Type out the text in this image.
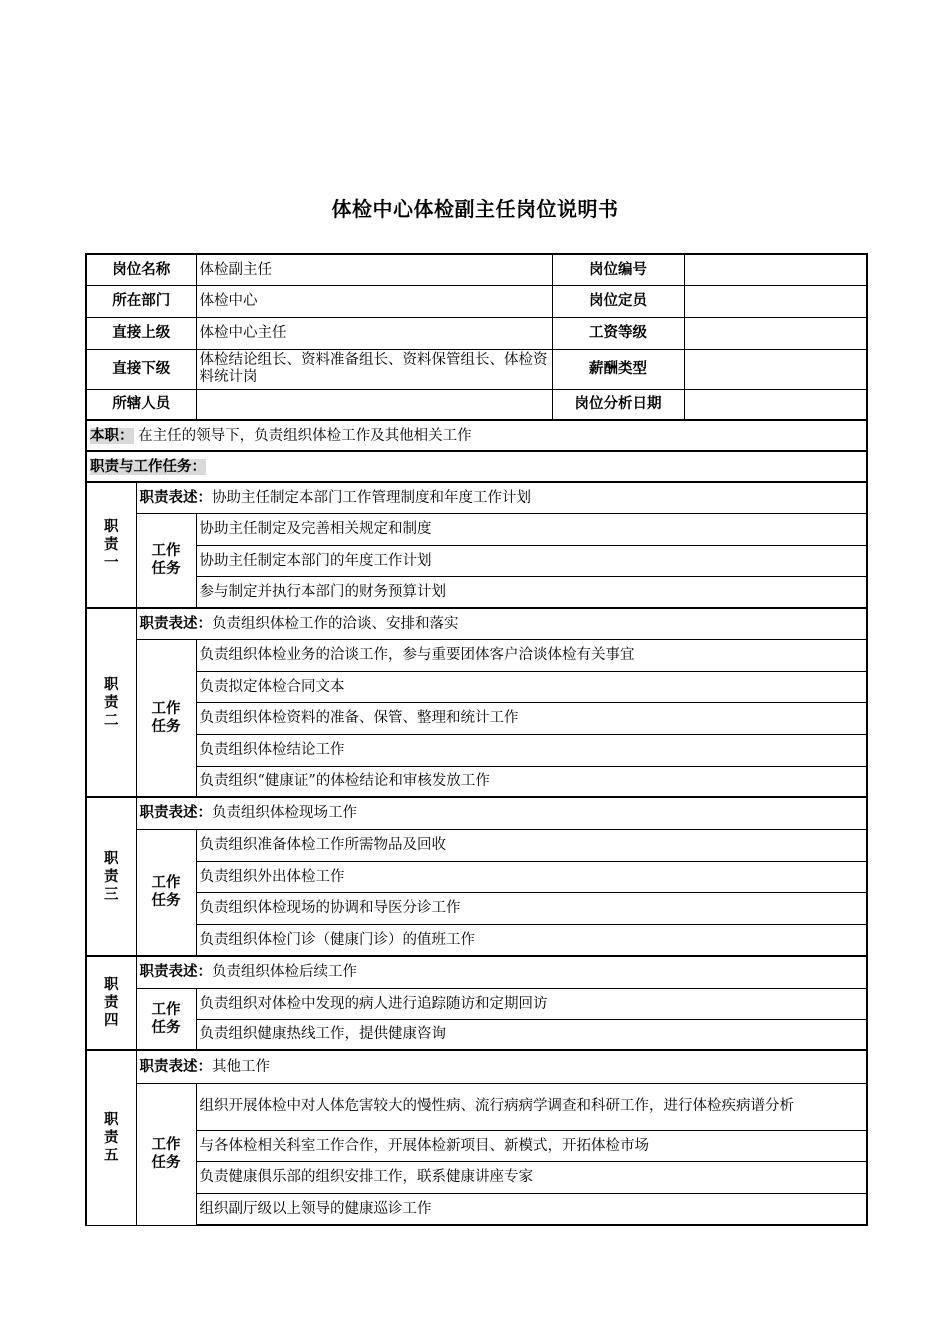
体检中心体检副主任岗位说明书
岗位名称		体检副主任	岗位编号	
所在部门		体检中心	岗位定员	
直接上级		体检中心主任	工资等级	
直接下级		体检结论组长、资料准备组长、资料保管组长、体检资料统计岗	薪酬类型	
所辖人员			岗位分析日期	
本职： 在主任的领导下，负责组织体检工作及其他相关工作				
职责与工作任务：				

职
责
一	职责表述：协助主任制定本部门工作管理制度和年度工作计划			

	工作
任务	协助主任制定及完善相关规定和制度		
		协助主任制定本部门的年度工作计划		
		参与制定并执行本部门的财务预算计划		

职
责
二	职责表述：负责组织体检工作的洽谈、安排和落实			

	工作
任务	负责组织体检业务的洽谈工作，参与重要团体客户洽谈体检有关事宜		
		负责拟定体检合同文本		
		负责组织体检资料的准备、保管、整理和统计工作		
		负责组织体检结论工作		
		负责组织“健康证”的体检结论和审核发放工作		

职
责
三	职责表述：负责组织体检现场工作			

	工作
任务	负责组织准备体检工作所需物品及回收		
		负责组织外出体检工作		
		负责组织体检现场的协调和导医分诊工作		
		负责组织体检门诊（健康门诊）的值班工作		

职
责
四	职责表述：负责组织体检后续工作			

	工作
任务	负责组织对体检中发现的病人进行追踪随访和定期回访		
		负责组织健康热线工作，提供健康咨询		

职
责
五	职责表述：其他工作			

	工作
任务	组织开展体检中对人体危害较大的慢性病、流行病病学调查和科研工作，进行体检疾病谱分析		
		与各体检相关科室工作合作，开展体检新项目、新模式，开拓体检市场		
		负责健康俱乐部的组织安排工作，联系健康讲座专家		
		组织副厅级以上领导的健康巡诊工作		
